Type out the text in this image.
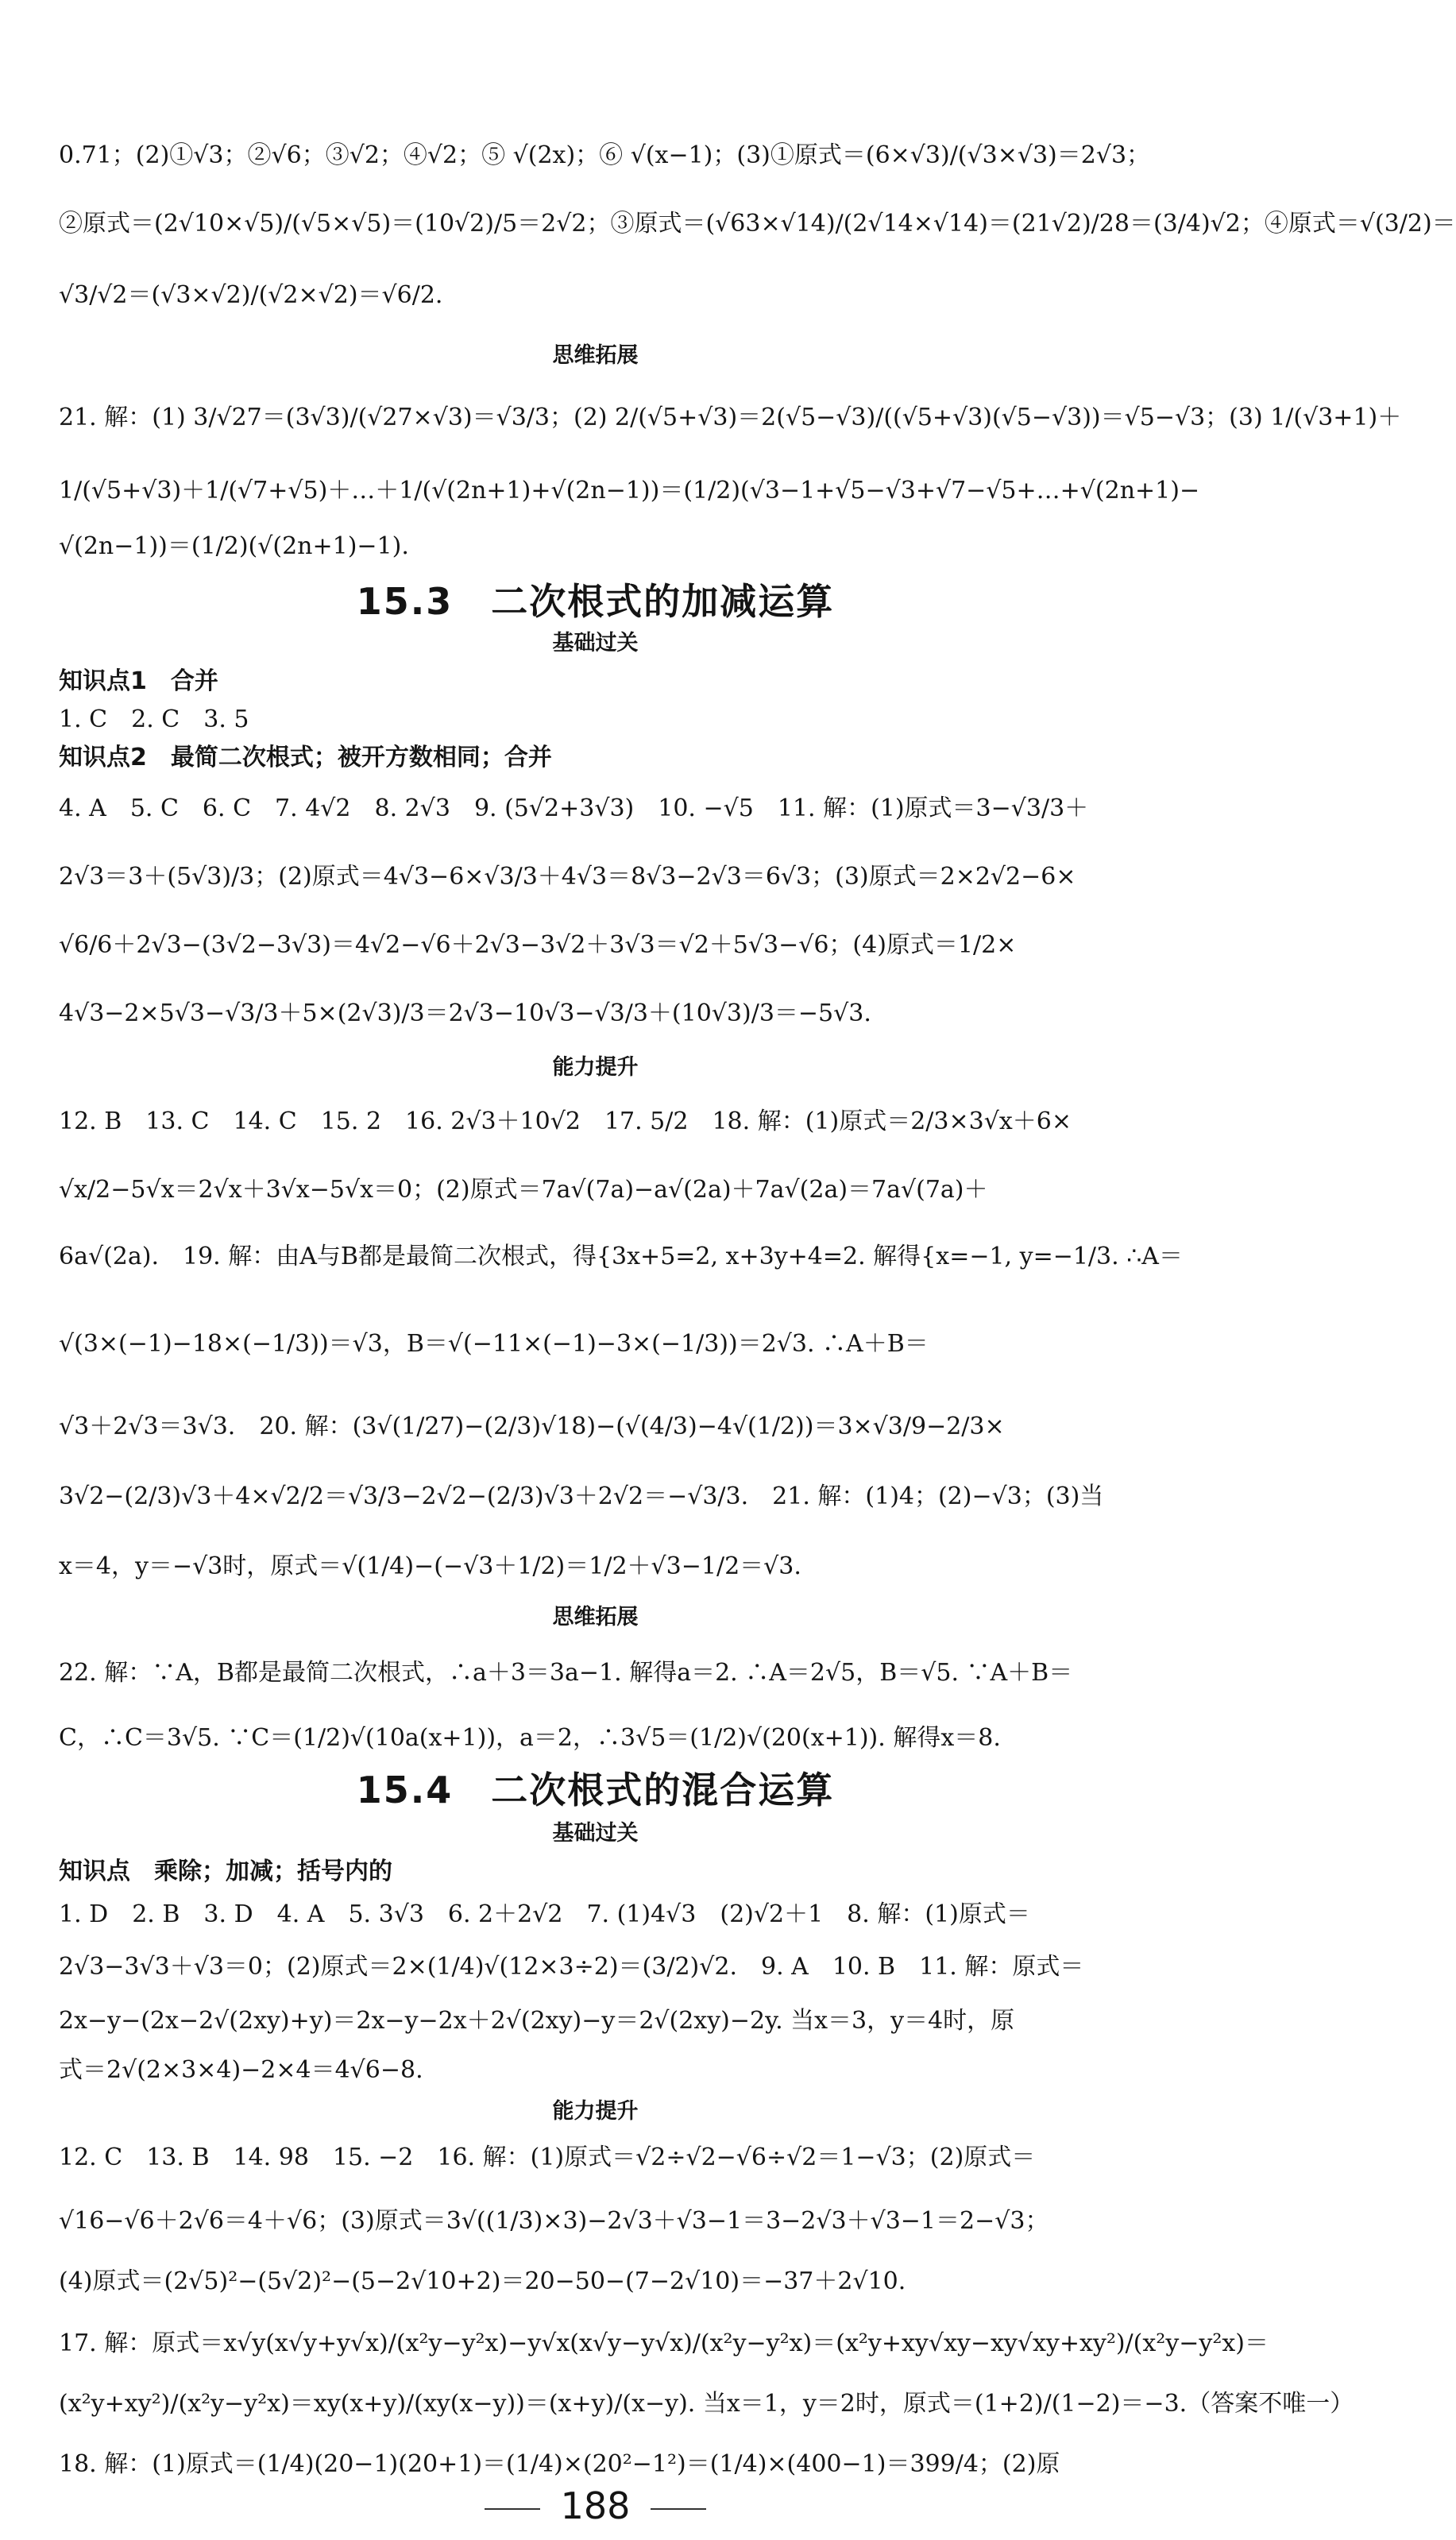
0.71；(2)①√3；②√6；③√2；④√2；⑤ √(2x)；⑥ √(x−1)；(3)①原式＝(6×√3)/(√3×√3)＝2√3；
②原式＝(2√10×√5)/(√5×√5)＝(10√2)/5＝2√2；③原式＝(√63×√14)/(2√14×√14)＝(21√2)/28＝(3/4)√2；④原式＝√(3/2)＝
√3/√2＝(√3×√2)/(√2×√2)＝√6/2.
思维拓展
21. 解：(1) 3/√27＝(3√3)/(√27×√3)＝√3/3；(2) 2/(√5+√3)＝2(√5−√3)/((√5+√3)(√5−√3))＝√5−√3；(3) 1/(√3+1)＋
1/(√5+√3)＋1/(√7+√5)＋…＋1/(√(2n+1)+√(2n−1))＝(1/2)(√3−1+√5−√3+√7−√5+…+√(2n+1)−
√(2n−1))＝(1/2)(√(2n+1)−1).
15.3　二次根式的加减运算
基础过关
知识点1　合并
1. C　2. C　3. 5
知识点2　最简二次根式；被开方数相同；合并
4. A　5. C　6. C　7. 4√2　8. 2√3　9. (5√2+3√3)　10. −√5　11. 解：(1)原式＝3−√3/3＋
2√3＝3＋(5√3)/3；(2)原式＝4√3−6×√3/3＋4√3＝8√3−2√3＝6√3；(3)原式＝2×2√2−6×
√6/6＋2√3−(3√2−3√3)＝4√2−√6＋2√3−3√2＋3√3＝√2＋5√3−√6；(4)原式＝1/2×
4√3−2×5√3−√3/3＋5×(2√3)/3＝2√3−10√3−√3/3＋(10√3)/3＝−5√3.
能力提升
12. B　13. C　14. C　15. 2　16. 2√3＋10√2　17. 5/2　18. 解：(1)原式＝2/3×3√x＋6×
√x/2−5√x＝2√x＋3√x−5√x＝0；(2)原式＝7a√(7a)−a√(2a)＋7a√(2a)＝7a√(7a)＋
6a√(2a).　19. 解：由A与B都是最简二次根式，得{3x+5=2, x+3y+4=2. 解得{x=−1, y=−1/3. ∴A＝
√(3×(−1)−18×(−1/3))＝√3，B＝√(−11×(−1)−3×(−1/3))＝2√3. ∴A＋B＝
√3＋2√3＝3√3.　20. 解：(3√(1/27)−(2/3)√18)−(√(4/3)−4√(1/2))＝3×√3/9−2/3×
3√2−(2/3)√3＋4×√2/2＝√3/3−2√2−(2/3)√3＋2√2＝−√3/3.　21. 解：(1)4；(2)−√3；(3)当
x＝4，y＝−√3时，原式＝√(1/4)−(−√3＋1/2)＝1/2＋√3−1/2＝√3.
思维拓展
22. 解：∵A，B都是最简二次根式，∴a＋3＝3a−1. 解得a＝2. ∴A＝2√5，B＝√5. ∵A＋B＝
C，∴C＝3√5. ∵C＝(1/2)√(10a(x+1))，a＝2，∴3√5＝(1/2)√(20(x+1)). 解得x＝8.
15.4　二次根式的混合运算
基础过关
知识点　乘除；加减；括号内的
1. D　2. B　3. D　4. A　5. 3√3　6. 2＋2√2　7. (1)4√3　(2)√2＋1　8. 解：(1)原式＝
2√3−3√3＋√3＝0；(2)原式＝2×(1/4)√(12×3÷2)＝(3/2)√2.　9. A　10. B　11. 解：原式＝
2x−y−(2x−2√(2xy)+y)＝2x−y−2x＋2√(2xy)−y＝2√(2xy)−2y. 当x＝3，y＝4时，原
式＝2√(2×3×4)−2×4＝4√6−8.
能力提升
12. C　13. B　14. 98　15. −2　16. 解：(1)原式＝√2÷√2−√6÷√2＝1−√3；(2)原式＝
√16−√6＋2√6＝4＋√6；(3)原式＝3√((1/3)×3)−2√3＋√3−1＝3−2√3＋√3−1＝2−√3；
(4)原式＝(2√5)²−(5√2)²−(5−2√10+2)＝20−50−(7−2√10)＝−37＋2√10.
17. 解：原式＝x√y(x√y+y√x)/(x²y−y²x)−y√x(x√y−y√x)/(x²y−y²x)＝(x²y+xy√xy−xy√xy+xy²)/(x²y−y²x)＝
(x²y+xy²)/(x²y−y²x)＝xy(x+y)/(xy(x−y))＝(x+y)/(x−y). 当x＝1，y＝2时，原式＝(1+2)/(1−2)＝−3.（答案不唯一）
18. 解：(1)原式＝(1/4)(20−1)(20+1)＝(1/4)×(20²−1²)＝(1/4)×(400−1)＝399/4；(2)原
188
